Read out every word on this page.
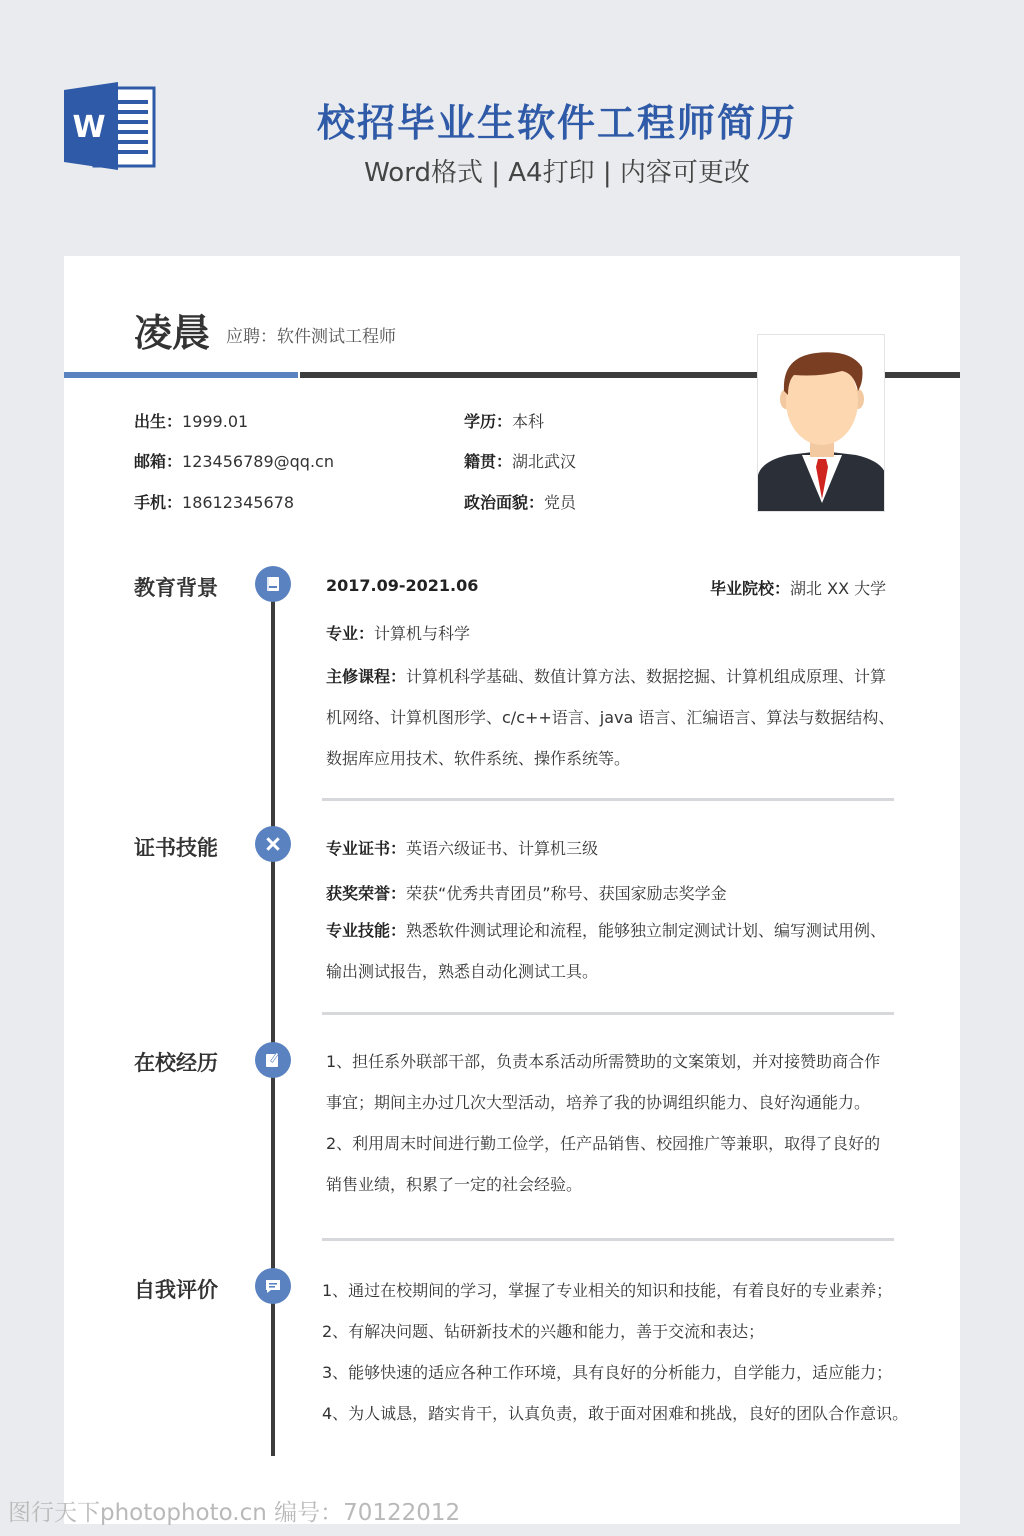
W	校招毕业生软件工程师简历
Word格式 | A4打印 | 内容可更改
凌晨 应聘：软件测试工程师
出生：1999.01
邮箱：123456789@qq.cn
手机：18612345678
学历：本科
籍贯：湖北武汉
政治面貌：党员
教育背景	2017.09-2021.06	毕业院校：湖北 XX 大学
专业：计算机与科学
主修课程：计算机科学基础、数值计算方法、数据挖掘、计算机组成原理、计算机网络、计算机图形学、c/c++语言、java 语言、汇编语言、算法与数据结构、数据库应用技术、软件系统、操作系统等。
证书技能	专业证书：英语六级证书、计算机三级
获奖荣誉：荣获“优秀共青团员”称号、获国家励志奖学金
专业技能：熟悉软件测试理论和流程，能够独立制定测试计划、编写测试用例、输出测试报告，熟悉自动化测试工具。
在校经历	1、担任系外联部干部，负责本系活动所需赞助的文案策划，并对接赞助商合作事宜；期间主办过几次大型活动，培养了我的协调组织能力、良好沟通能力。
2、利用周末时间进行勤工俭学，任产品销售、校园推广等兼职，取得了良好的销售业绩，积累了一定的社会经验。
自我评价	1、通过在校期间的学习，掌握了专业相关的知识和技能，有着良好的专业素养；
2、有解决问题、钻研新技术的兴趣和能力，善于交流和表达；
3、能够快速的适应各种工作环境，具有良好的分析能力，自学能力，适应能力；
4、为人诚恳，踏实肯干，认真负责，敢于面对困难和挑战，良好的团队合作意识。
图行天下photophoto.cn 编号：70122012
